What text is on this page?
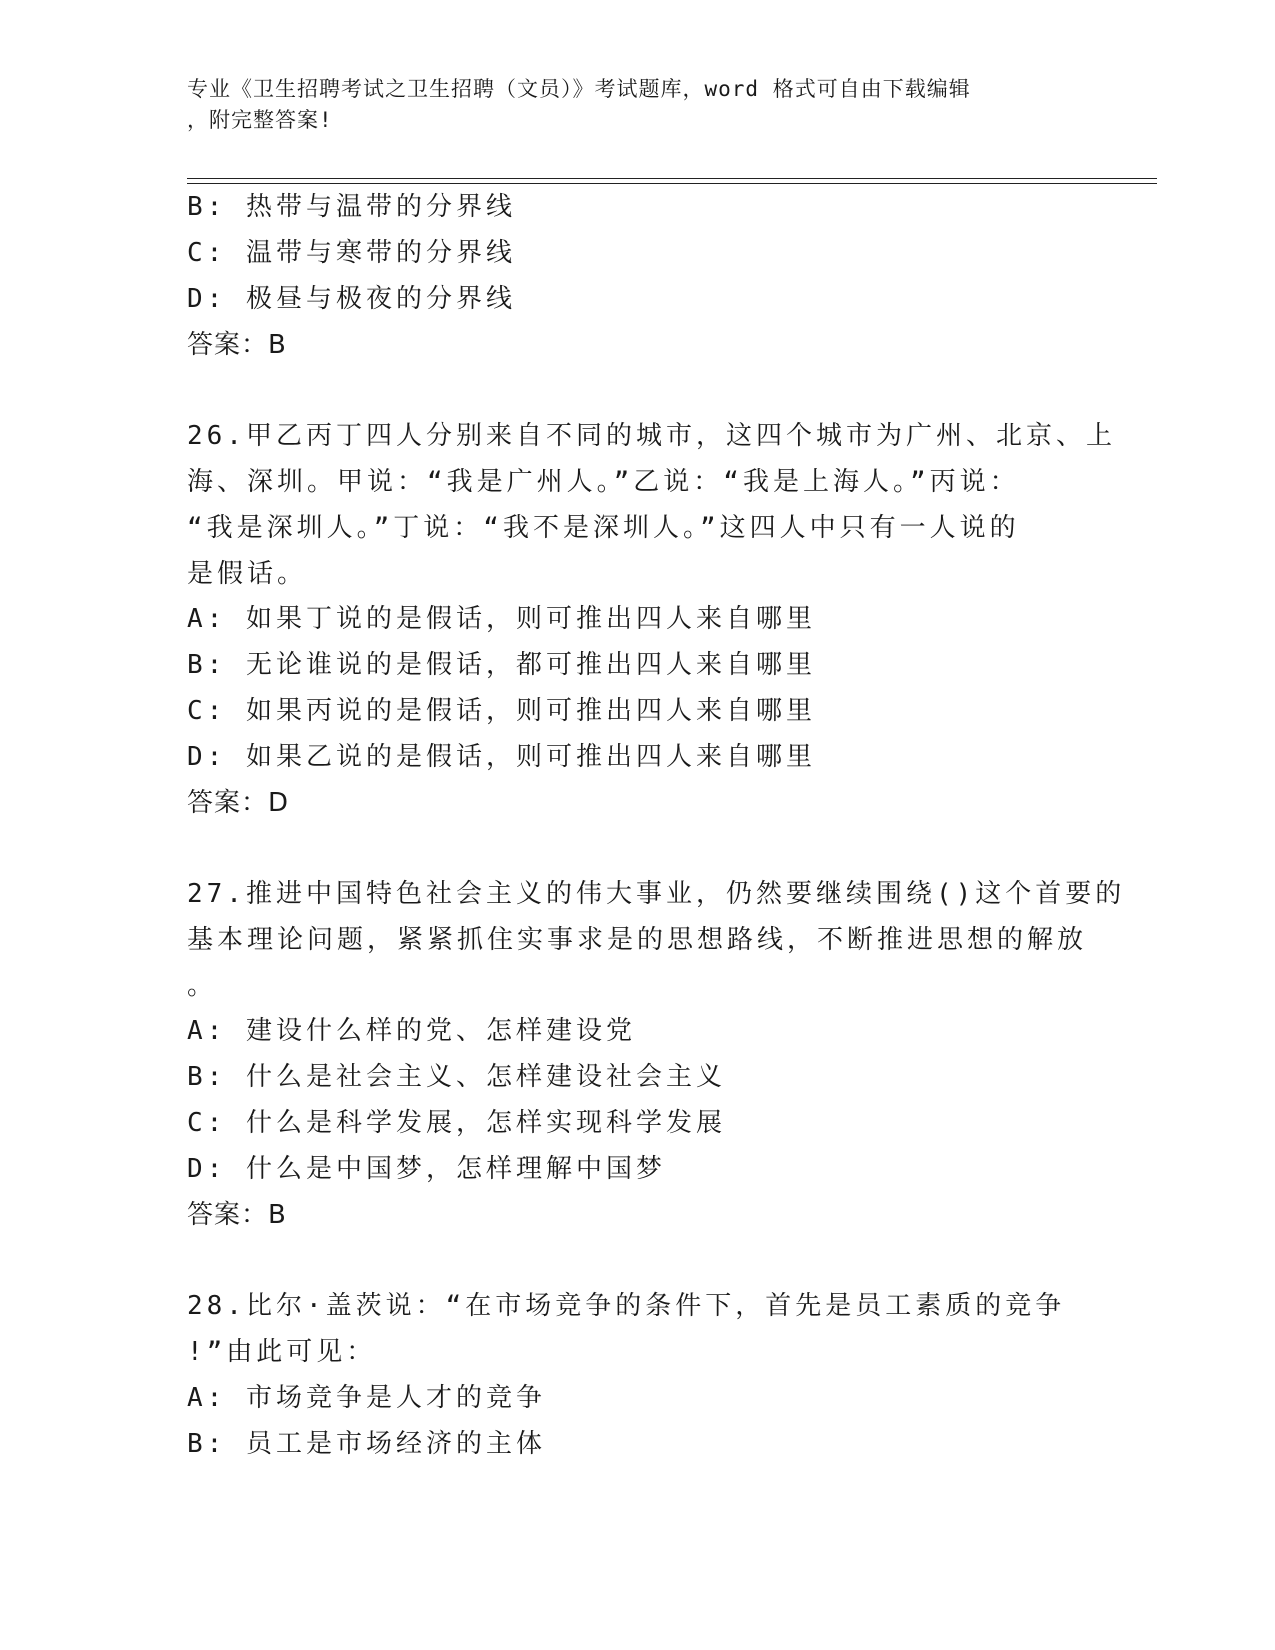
专业《卫生招聘考试之卫生招聘（文员）》考试题库，word 格式可自由下载编辑
，附完整答案!
B: 热带与温带的分界线
C: 温带与寒带的分界线
D: 极昼与极夜的分界线
答案：B
26.甲乙丙丁四人分别来自不同的城市，这四个城市为广州、北京、上
海、深圳。甲说：“我是广州人。”乙说：“我是上海人。”丙说：
“我是深圳人。”丁说：“我不是深圳人。”这四人中只有一人说的
是假话。
A: 如果丁说的是假话，则可推出四人来自哪里
B: 无论谁说的是假话，都可推出四人来自哪里
C: 如果丙说的是假话，则可推出四人来自哪里
D: 如果乙说的是假话，则可推出四人来自哪里
答案：D
27.推进中国特色社会主义的伟大事业，仍然要继续围绕()这个首要的
基本理论问题，紧紧抓住实事求是的思想路线，不断推进思想的解放
。
A: 建设什么样的党、怎样建设党
B: 什么是社会主义、怎样建设社会主义
C: 什么是科学发展，怎样实现科学发展
D: 什么是中国梦，怎样理解中国梦
答案：B
28.比尔·盖茨说：“在市场竞争的条件下，首先是员工素质的竞争
!”由此可见：
A: 市场竞争是人才的竞争
B: 员工是市场经济的主体
